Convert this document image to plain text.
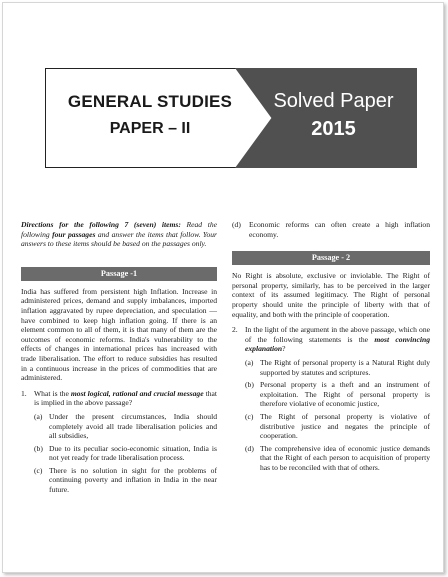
GENERAL STUDIES
PAPER – II
Solved Paper
2015

Directions for the following 7 (seven) items: Read the following four passages and answer the items that follow. Your answers to these items should be based on the passages only.

Passage -1

India has suffered from persistent high Inflation. Increase in administered prices, demand and supply imbalances, imported inflation aggravated by rupee depreciation, and speculation — have combined to keep high inflation going. If there is an element common to all of them, it is that many of them are the outcomes of economic reforms. India's vulnerability to the effects of changes in international prices has increased with trade liberalisation. The effort to reduce subsidies has resulted in a continuous increase in the prices of commodities that are administered.

1. What is the most logical, rational and crucial message that is implied in the above passage?
(a) Under the present circumstances, India should completely avoid all trade liberalisation policies and all subsidies,
(b) Due to its peculiar socio-economic situation, India is not yet ready for trade liberalisation process.
(c) There is no solution in sight for the problems of continuing poverty and inflation in India in the near future.
(d)	Economic reforms can often create a high inflation economy.
Passage - 2

No Right is absolute, exclusive or inviolable. The Right of personal property, similarly, has to be perceived in the larger context of its assumed legitimacy. The Right of personal property should unite the principle of liberty with that of equality, and both with the principle of cooperation.

2. In the light of the argument in the above passage, which one of the following statements is the most convincing explanation?
(a) The Right of personal property is a Natural Right duly supported by statutes and scriptures.
(b) Personal property is a theft and an instrument of exploitation. The Right of personal property is therefore violative of economic justice,
(c) The Right of personal property is violative of distributive justice and negates the principle of cooperation.
(d) The comprehensive idea of economic justice demands that the Right of each person to acquisition of property has to be reconciled with that of others.
